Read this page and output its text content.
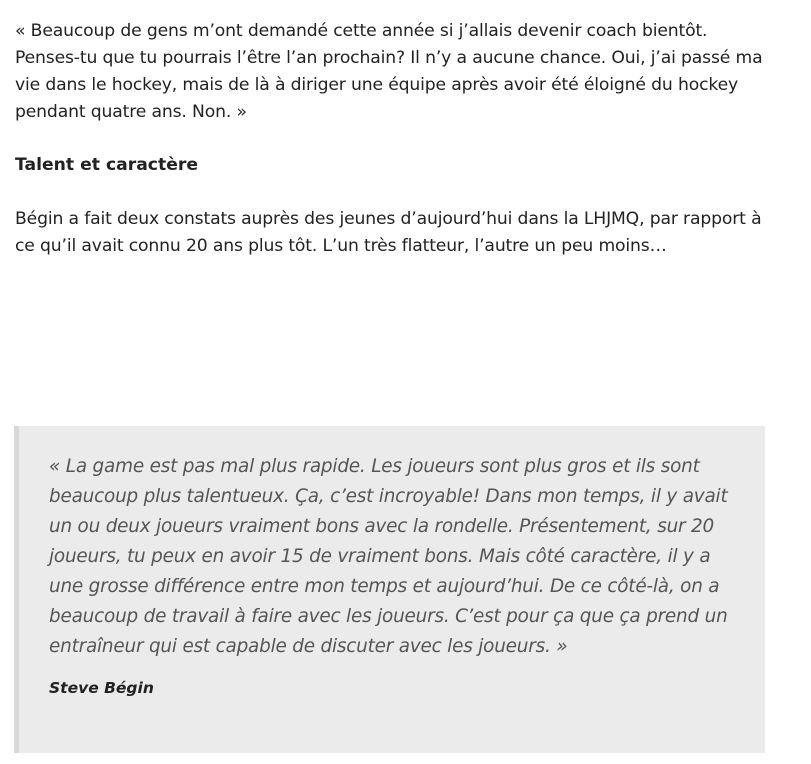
« Beaucoup de gens m’ont demandé cette année si j’allais devenir coach bientôt. Penses-tu que tu pourrais l’être l’an prochain? Il n’y a aucune chance. Oui, j’ai passé ma vie dans le hockey, mais de là à diriger une équipe après avoir été éloigné du hockey pendant quatre ans. Non. »

Talent et caractère

Bégin a fait deux constats auprès des jeunes d’aujourd’hui dans la LHJMQ, par rapport à ce qu’il avait connu 20 ans plus tôt. L’un très flatteur, l’autre un peu moins…

« La game est pas mal plus rapide. Les joueurs sont plus gros et ils sont beaucoup plus talentueux. Ça, c’est incroyable! Dans mon temps, il y avait un ou deux joueurs vraiment bons avec la rondelle. Présentement, sur 20 joueurs, tu peux en avoir 15 de vraiment bons. Mais côté caractère, il y a une grosse différence entre mon temps et aujourd’hui. De ce côté-là, on a beaucoup de travail à faire avec les joueurs. C’est pour ça que ça prend un entraîneur qui est capable de discuter avec les joueurs. »

Steve Bégin
